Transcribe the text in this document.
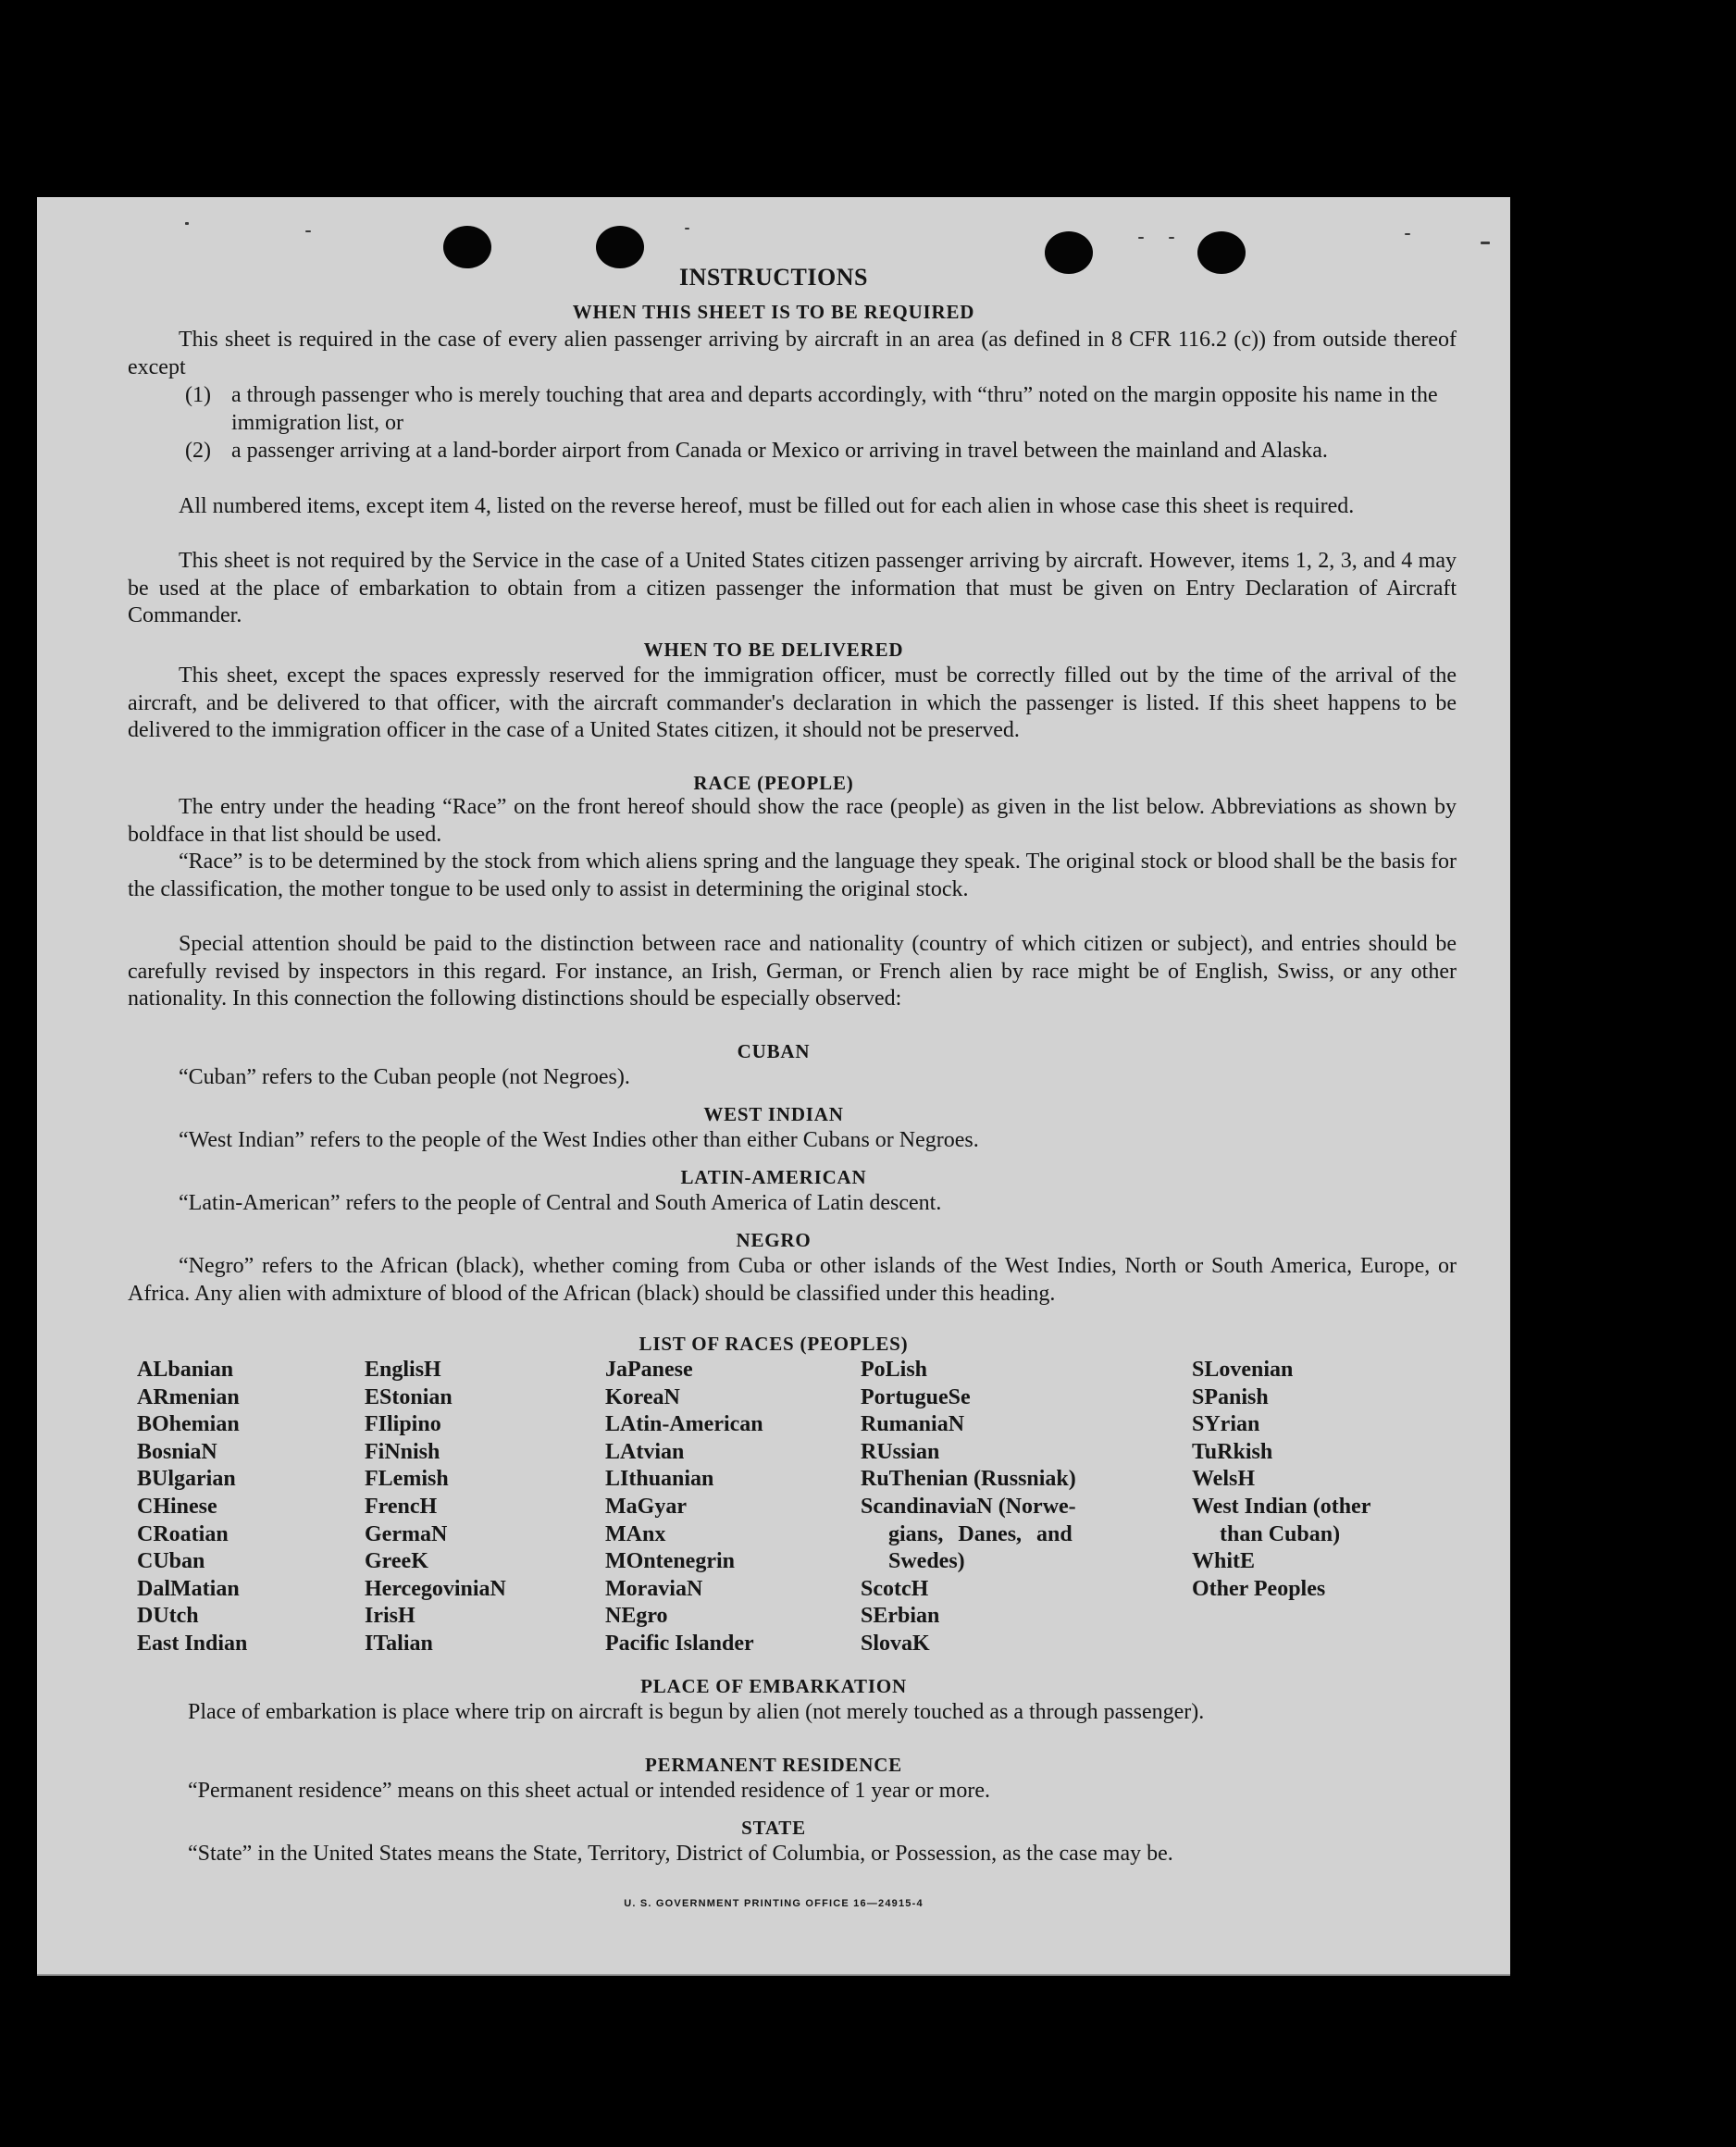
INSTRUCTIONS
WHEN THIS SHEET IS TO BE REQUIRED
This sheet is required in the case of every alien passenger arriving by aircraft in an area (as defined in 8 CFR 116.2 (c)) from outside thereof except
(1) a through passenger who is merely touching that area and departs accordingly, with “thru” noted on the margin opposite his name in the immigration list, or
(2) a passenger arriving at a land-border airport from Canada or Mexico or arriving in travel between the mainland and Alaska.
All numbered items, except item 4, listed on the reverse hereof, must be filled out for each alien in whose case this sheet is required.
This sheet is not required by the Service in the case of a United States citizen passenger arriving by aircraft. However, items 1, 2, 3, and 4 may be used at the place of embarkation to obtain from a citizen passenger the information that must be given on Entry Declaration of Aircraft Commander.
WHEN TO BE DELIVERED
This sheet, except the spaces expressly reserved for the immigration officer, must be correctly filled out by the time of the arrival of the aircraft, and be delivered to that officer, with the aircraft commander's declaration in which the passenger is listed. If this sheet happens to be delivered to the immigration officer in the case of a United States citizen, it should not be preserved.
RACE (PEOPLE)
The entry under the heading “Race” on the front hereof should show the race (people) as given in the list below. Abbreviations as shown by boldface in that list should be used.
“Race” is to be determined by the stock from which aliens spring and the language they speak. The original stock or blood shall be the basis for the classification, the mother tongue to be used only to assist in determining the original stock.
Special attention should be paid to the distinction between race and nationality (country of which citizen or subject), and entries should be carefully revised by inspectors in this regard. For instance, an Irish, German, or French alien by race might be of English, Swiss, or any other nationality. In this connection the following distinctions should be especially observed:
CUBAN
“Cuban” refers to the Cuban people (not Negroes).
WEST INDIAN
“West Indian” refers to the people of the West Indies other than either Cubans or Negroes.
LATIN-AMERICAN
“Latin-American” refers to the people of Central and South America of Latin descent.
NEGRO
“Negro” refers to the African (black), whether coming from Cuba or other islands of the West Indies, North or South America, Europe, or Africa. Any alien with admixture of blood of the African (black) should be classified under this heading.
LIST OF RACES (PEOPLES)
ALbanian
ARmenian
BOhemian
BosniaN
BUlgarian
CHinese
CRoatian
CUban
DalMatian
DUtch
East Indian
EnglisH
EStonian
FIlipino
FiNnish
FLemish
FrencH
GermaN
GreeK
HercegoviniaN
IrisH
ITalian
JaPanese
KoreaN
LAtin-American
LAtvian
LIthuanian
MaGyar
MAnx
MOntenegrin
MoraviaN
NEgro
Pacific Islander
PoLish
PortugueSe
RumaniaN
RUssian
RuThenian (Russniak)
ScandinaviaN (Norwe-
gians, Danes, and
Swedes)
ScotcH
SErbian
SlovaK
SLovenian
SPanish
SYrian
TuRkish
WelsH
West Indian (other
than Cuban)
WhitE
Other Peoples
PLACE OF EMBARKATION
Place of embarkation is place where trip on aircraft is begun by alien (not merely touched as a through passenger).
PERMANENT RESIDENCE
“Permanent residence” means on this sheet actual or intended residence of 1 year or more.
STATE
“State” in the United States means the State, Territory, District of Columbia, or Possession, as the case may be.
U. S. GOVERNMENT PRINTING OFFICE 16—24915-4
